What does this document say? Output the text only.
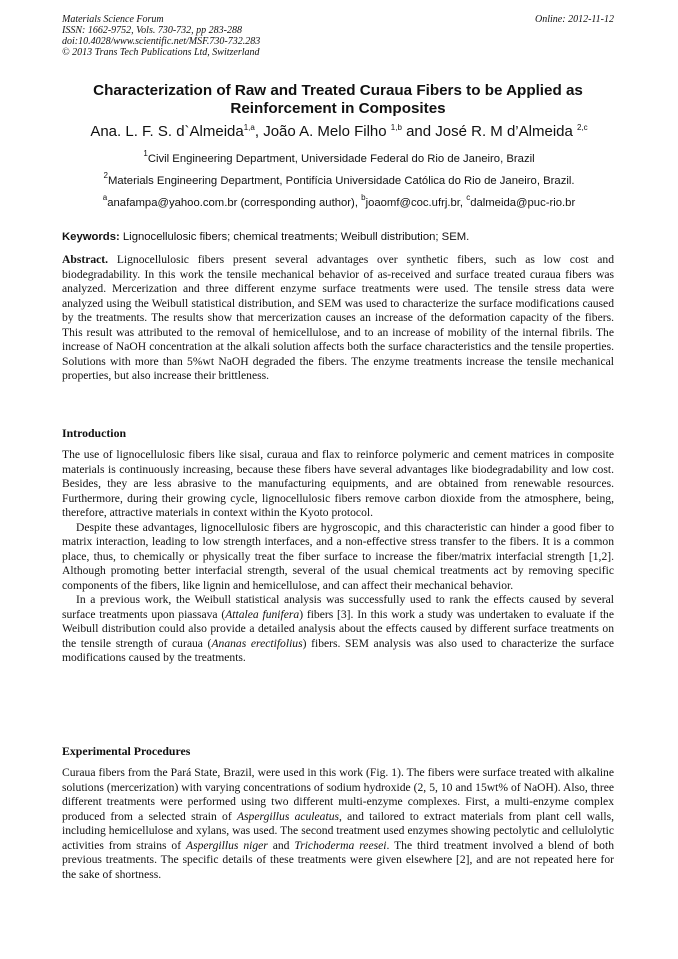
Materials Science Forum
ISSN: 1662-9752, Vols. 730-732, pp 283-288
doi:10.4028/www.scientific.net/MSF.730-732.283
© 2013 Trans Tech Publications Ltd, Switzerland
Online: 2012-11-12
Characterization of Raw and Treated Curaua Fibers to be Applied as Reinforcement in Composites
Ana. L. F. S. d`Almeida$^{1,a}$, João A. Melo Filho $^{1,b}$ and José R. M d’Almeida $^{2,c}$
$^1$Civil Engineering Department, Universidade Federal do Rio de Janeiro, Brazil
$^2$Materials Engineering Department, Pontifícia Universidade Católica do Rio de Janeiro, Brazil.
$^a$anafampa@yahoo.com.br (corresponding author), $^b$joaomf@coc.ufrj.br, $^c$dalmeida@puc-rio.br
Keywords: Lignocellulosic fibers; chemical treatments; Weibull distribution; SEM.
Abstract. Lignocellulosic fibers present several advantages over synthetic fibers, such as low cost and biodegradability. In this work the tensile mechanical behavior of as-received and surface treated curaua fibers was analyzed. Mercerization and three different enzyme surface treatments were used. The tensile stress data were analyzed using the Weibull statistical distribution, and SEM was used to characterize the surface modifications caused by the treatments. The results show that mercerization causes an increase of the deformation capacity of the fibers. This result was attributed to the removal of hemicellulose, and to an increase of mobility of the internal fibrils. The increase of NaOH concentration at the alkali solution affects both the surface characteristics and the tensile properties. Solutions with more than 5%wt NaOH degraded the fibers. The enzyme treatments increase the tensile mechanical properties, but also increase their brittleness.
Introduction

The use of lignocellulosic fibers like sisal, curaua and flax to reinforce polymeric and cement matrices in composite materials is continuously increasing, because these fibers have several advantages like biodegradability and low cost. Besides, they are less abrasive to the manufacturing equipments, and are obtained from renewable resources. Furthermore, during their growing cycle, lignocellulosic fibers remove carbon dioxide from the atmosphere, being, therefore, attractive materials in context within the Kyoto protocol.

Despite these advantages, lignocellulosic fibers are hygroscopic, and this characteristic can hinder a good fiber to matrix interaction, leading to low strength interfaces, and a non-effective stress transfer to the fibers. It is a common place, thus, to chemically or physically treat the fiber surface to increase the fiber/matrix interfacial strength [1,2]. Although promoting better interfacial strength, several of the usual chemical treatments act by removing specific components of the fibers, like lignin and hemicellulose, and can affect their mechanical behavior.

In a previous work, the Weibull statistical analysis was successfully used to rank the effects caused by several surface treatments upon piassava (Attalea funifera) fibers [3]. In this work a study was undertaken to evaluate if the Weibull distribution could also provide a detailed analysis about the effects caused by different surface treatments on the tensile strength of curaua (Ananas erectifolius) fibers. SEM analysis was also used to characterize the surface modifications caused by the treatments.

Experimental Procedures

Curaua fibers from the Pará State, Brazil, were used in this work (Fig. 1). The fibers were surface treated with alkaline solutions (mercerization) with varying concentrations of sodium hydroxide (2, 5, 10 and 15wt% of NaOH). Also, three different treatments were performed using two different multi-enzyme complexes. First, a multi-enzyme complex produced from a selected strain of Aspergillus aculeatus, and tailored to extract materials from plant cell walls, including hemicellulose and xylans, was used. The second treatment used enzymes showing pectolytic and cellulolytic activities from strains of Aspergillus niger and Trichoderma reesei. The third treatment involved a blend of both previous treatments. The specific details of these treatments were given elsewhere [2], and are not repeated here for the sake of shortness.
